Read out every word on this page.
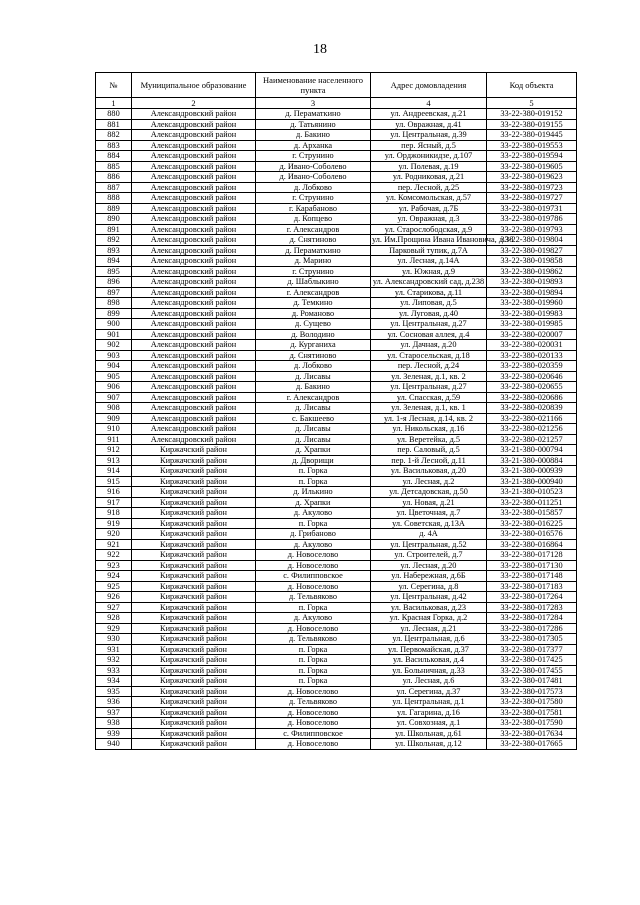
18
№	Муниципальное образование	Наименование населенного пункта	Адрес домовладения	Код объекта
1	2	3	4	5
880	Александровский район	д. Пераматкино	ул. Андреевская, д.21	33-22-380-019152
881	Александровский район	д. Татьянино	ул. Овражная, д.41	33-22-380-019155
882	Александровский район	д. Бакино	ул. Центральная, д.39	33-22-380-019445
883	Александровский район	д. Арханка	пер. Ясный, д.5	33-22-380-019553
884	Александровский район	г. Струнино	ул. Орджоникидзе, д.107	33-22-380-019594
885	Александровский район	д. Ивано-Соболево	ул. Полевая, д.19	33-22-380-019605
886	Александровский район	д. Ивано-Соболево	ул. Родниковая, д.21	33-22-380-019623
887	Александровский район	д. Лобково	пер. Лесной, д.25	33-22-380-019723
888	Александровский район	г. Струнино	ул. Комсомольская, д.57	33-22-380-019727
889	Александровский район	г. Карабаново	ул. Рабочая, д.7Б	33-22-380-019731
890	Александровский район	д. Копцево	ул. Овражная, д.3	33-22-380-019786
891	Александровский район	г. Александров	ул. Старослободская, д.9	33-22-380-019793
892	Александровский район	д. Снятиново	ул. Им.Прощина Ивана Ивановича, д.38	33-22-380-019804
893	Александровский район	д. Пераматкино	Парковый тупик, д.7А	33-22-380-019827
894	Александровский район	д. Марино	ул. Лесная, д.14А	33-22-380-019858
895	Александровский район	г. Струнино	ул. Южная, д.9	33-22-380-019862
896	Александровский район	д. Шаблыкино	ул. Александровский сад, д.238	33-22-380-019893
897	Александровский район	г. Александров	ул. Старикова, д.11	33-22-380-019894
898	Александровский район	д. Темкино	ул. Липовая, д.5	33-22-380-019960
899	Александровский район	д. Романово	ул. Луговая, д.40	33-22-380-019983
900	Александровский район	д. Сущево	ул. Центральная, д.27	33-22-380-019985
901	Александровский район	д. Володино	ул. Сосновая аллея, д.4	33-22-380-020007
902	Александровский район	д. Курганиха	ул. Дачная, д.20	33-22-380-020031
903	Александровский район	д. Снятиново	ул. Старосельская, д.18	33-22-380-020133
904	Александровский район	д. Лобково	пер. Лесной, д.24	33-22-380-020359
905	Александровский район	д. Лисавы	ул. Зеленая, д.1, кв. 2	33-22-380-020646
906	Александровский район	д. Бакино	ул. Центральная, д.27	33-22-380-020655
907	Александровский район	г. Александров	ул. Спасская, д.59	33-22-380-020686
908	Александровский район	д. Лисавы	ул. Зеленая, д.1, кв. 1	33-22-380-020839
909	Александровский район	с. Бакшеево	ул. 1-я Лесная, д.14, кв. 2	33-22-380-021166
910	Александровский район	д. Лисавы	ул. Никольская, д.16	33-22-380-021256
911	Александровский район	д. Лисавы	ул. Веретейка, д.5	33-22-380-021257
912	Киржачский район	д. Храпки	пер. Саловый, д.5	33-21-380-000794
913	Киржачский район	д. Дворищи	пер. 1-й Лесной, д.11	33-21-380-000884
914	Киржачский район	п. Горка	ул. Васильковая, д.20	33-21-380-000939
915	Киржачский район	п. Горка	ул. Лесная, д.2	33-21-380-000940
916	Киржачский район	д. Илькино	ул. Детсадовская, д.50	33-21-380-010523
917	Киржачский район	д. Храпки	ул. Новая, д.21	33-22-380-011251
918	Киржачский район	д. Акулово	ул. Цветочная, д.7	33-22-380-015857
919	Киржачский район	п. Горка	ул. Советская, д.13А	33-22-380-016225
920	Киржачский район	д. Грибаново	д. 4А	33-22-380-016576
921	Киржачский район	д. Акулово	ул. Центральная, д.52	33-22-380-016864
922	Киржачский район	д. Новоселово	ул. Строителей, д.7	33-22-380-017128
923	Киржачский район	д. Новоселово	ул. Лесная, д.20	33-22-380-017130
924	Киржачский район	с. Филипповское	ул. Набережная, д.6Б	33-22-380-017148
925	Киржачский район	д. Новоселово	ул. Серегина, д.8	33-22-380-017183
926	Киржачский район	д. Тельвяково	ул. Центральная, д.42	33-22-380-017264
927	Киржачский район	п. Горка	ул. Васильковая, д.23	33-22-380-017283
928	Киржачский район	д. Акулово	ул. Красная Горка, д.2	33-22-380-017284
929	Киржачский район	д. Новоселово	ул. Лесная, д.21	33-22-380-017286
930	Киржачский район	д. Тельвяково	ул. Центральная, д.6	33-22-380-017305
931	Киржачский район	п. Горка	ул. Первомайская, д.37	33-22-380-017377
932	Киржачский район	п. Горка	ул. Васильковая, д.4	33-22-380-017425
933	Киржачский район	п. Горка	ул. Больничная, д.33	33-22-380-017455
934	Киржачский район	п. Горка	ул. Лесная, д.6	33-22-380-017481
935	Киржачский район	д. Новоселово	ул. Серегина, д.37	33-22-380-017573
936	Киржачский район	д. Тельвяково	ул. Центральная, д.1	33-22-380-017580
937	Киржачский район	д. Новоселово	ул. Гагарина, д.16	33-22-380-017581
938	Киржачский район	д. Новоселово	ул. Совхозная, д.1	33-22-380-017590
939	Киржачский район	с. Филипповское	ул. Школьная, д.61	33-22-380-017634
940	Киржачский район	д. Новоселово	ул. Школьная, д.12	33-22-380-017665
